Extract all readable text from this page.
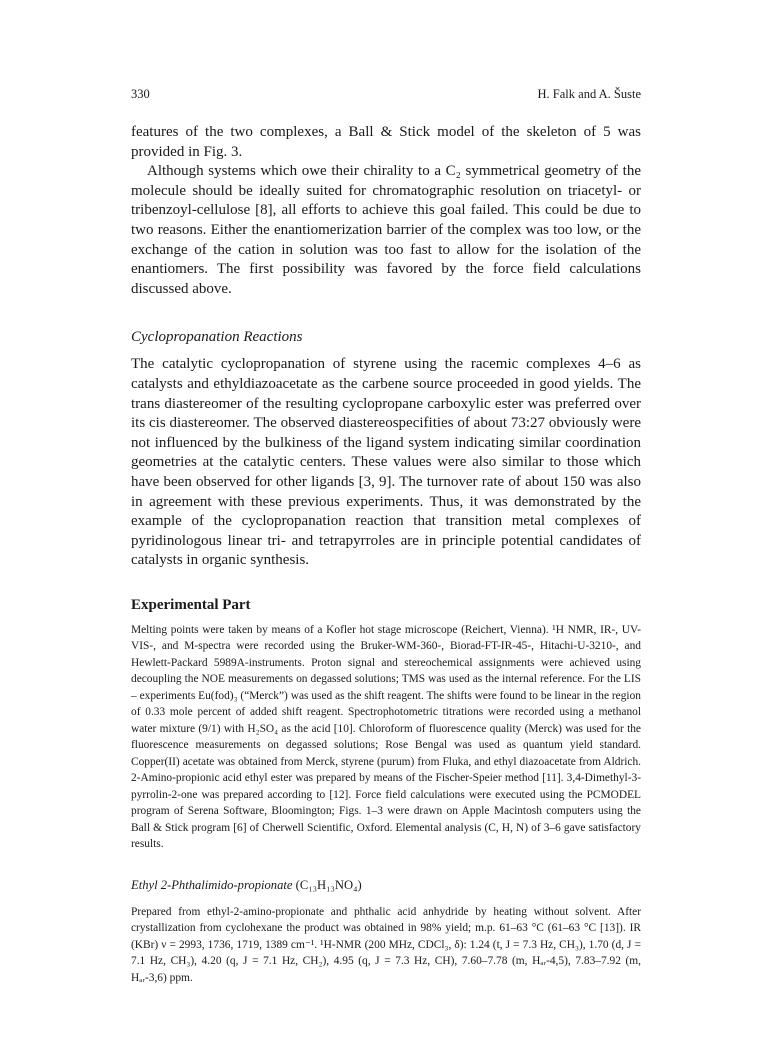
330	H. Falk and A. Šuste

features of the two complexes, a Ball & Stick model of the skeleton of 5 was provided in Fig. 3.

Although systems which owe their chirality to a C₂ symmetrical geometry of the molecule should be ideally suited for chromatographic resolution on triacetyl- or tribenzoyl-cellulose [8], all efforts to achieve this goal failed. This could be due to two reasons. Either the enantiomerization barrier of the complex was too low, or the exchange of the cation in solution was too fast to allow for the isolation of the enantiomers. The first possibility was favored by the force field calculations discussed above.

Cyclopropanation Reactions

The catalytic cyclopropanation of styrene using the racemic complexes 4–6 as catalysts and ethyldiazoacetate as the carbene source proceeded in good yields. The trans diastereomer of the resulting cyclopropane carboxylic ester was preferred over its cis diastereomer. The observed diastereospecifities of about 73:27 obviously were not influenced by the bulkiness of the ligand system indicating similar coordination geometries at the catalytic centers. These values were also similar to those which have been observed for other ligands [3, 9]. The turnover rate of about 150 was also in agreement with these previous experiments. Thus, it was demonstrated by the example of the cyclopropanation reaction that transition metal complexes of pyridinologous linear tri- and tetrapyrroles are in principle potential candidates of catalysts in organic synthesis.

Experimental Part

Melting points were taken by means of a Kofler hot stage microscope (Reichert, Vienna). ¹H NMR, IR-, UV-VIS-, and M-spectra were recorded using the Bruker-WM-360-, Biorad-FT-IR-45-, Hitachi-U-3210-, and Hewlett-Packard 5989A-instruments. Proton signal and stereochemical assignments were achieved using decoupling the NOE measurements on degassed solutions; TMS was used as the internal reference. For the LIS – experiments Eu(fod)₃ (“Merck”) was used as the shift reagent. The shifts were found to be linear in the region of 0.33 mole percent of added shift reagent. Spectrophotometric titrations were recorded using a methanol water mixture (9/1) with H₂SO₄ as the acid [10]. Chloroform of fluorescence quality (Merck) was used for the fluorescence measurements on degassed solutions; Rose Bengal was used as quantum yield standard. Copper(II) acetate was obtained from Merck, styrene (purum) from Fluka, and ethyl diazoacetate from Aldrich. 2-Amino-propionic acid ethyl ester was prepared by means of the Fischer-Speier method [11]. 3,4-Dimethyl-3-pyrrolin-2-one was prepared according to [12]. Force field calculations were executed using the PCMODEL program of Serena Software, Bloomington; Figs. 1–3 were drawn on Apple Macintosh computers using the Ball & Stick program [6] of Cherwell Scientific, Oxford. Elemental analysis (C, H, N) of 3–6 gave satisfactory results.

Ethyl 2-Phthalimido-propionate (C₁₃H₁₃NO₄)

Prepared from ethyl-2-amino-propionate and phthalic acid anhydride by heating without solvent. After crystallization from cyclohexane the product was obtained in 98% yield; m.p. 61–63 °C (61–63 °C [13]). IR (KBr) ν = 2993, 1736, 1719, 1389 cm⁻¹. ¹H-NMR (200 MHz, CDCl₃, δ): 1.24 (t, J = 7.3 Hz, CH₃), 1.70 (d, J = 7.1 Hz, CH₃), 4.20 (q, J = 7.1 Hz, CH₂), 4.95 (q, J = 7.3 Hz, CH), 7.60–7.78 (m, Hₐᵣ-4,5), 7.83–7.92 (m, Hₐᵣ-3,6) ppm.
